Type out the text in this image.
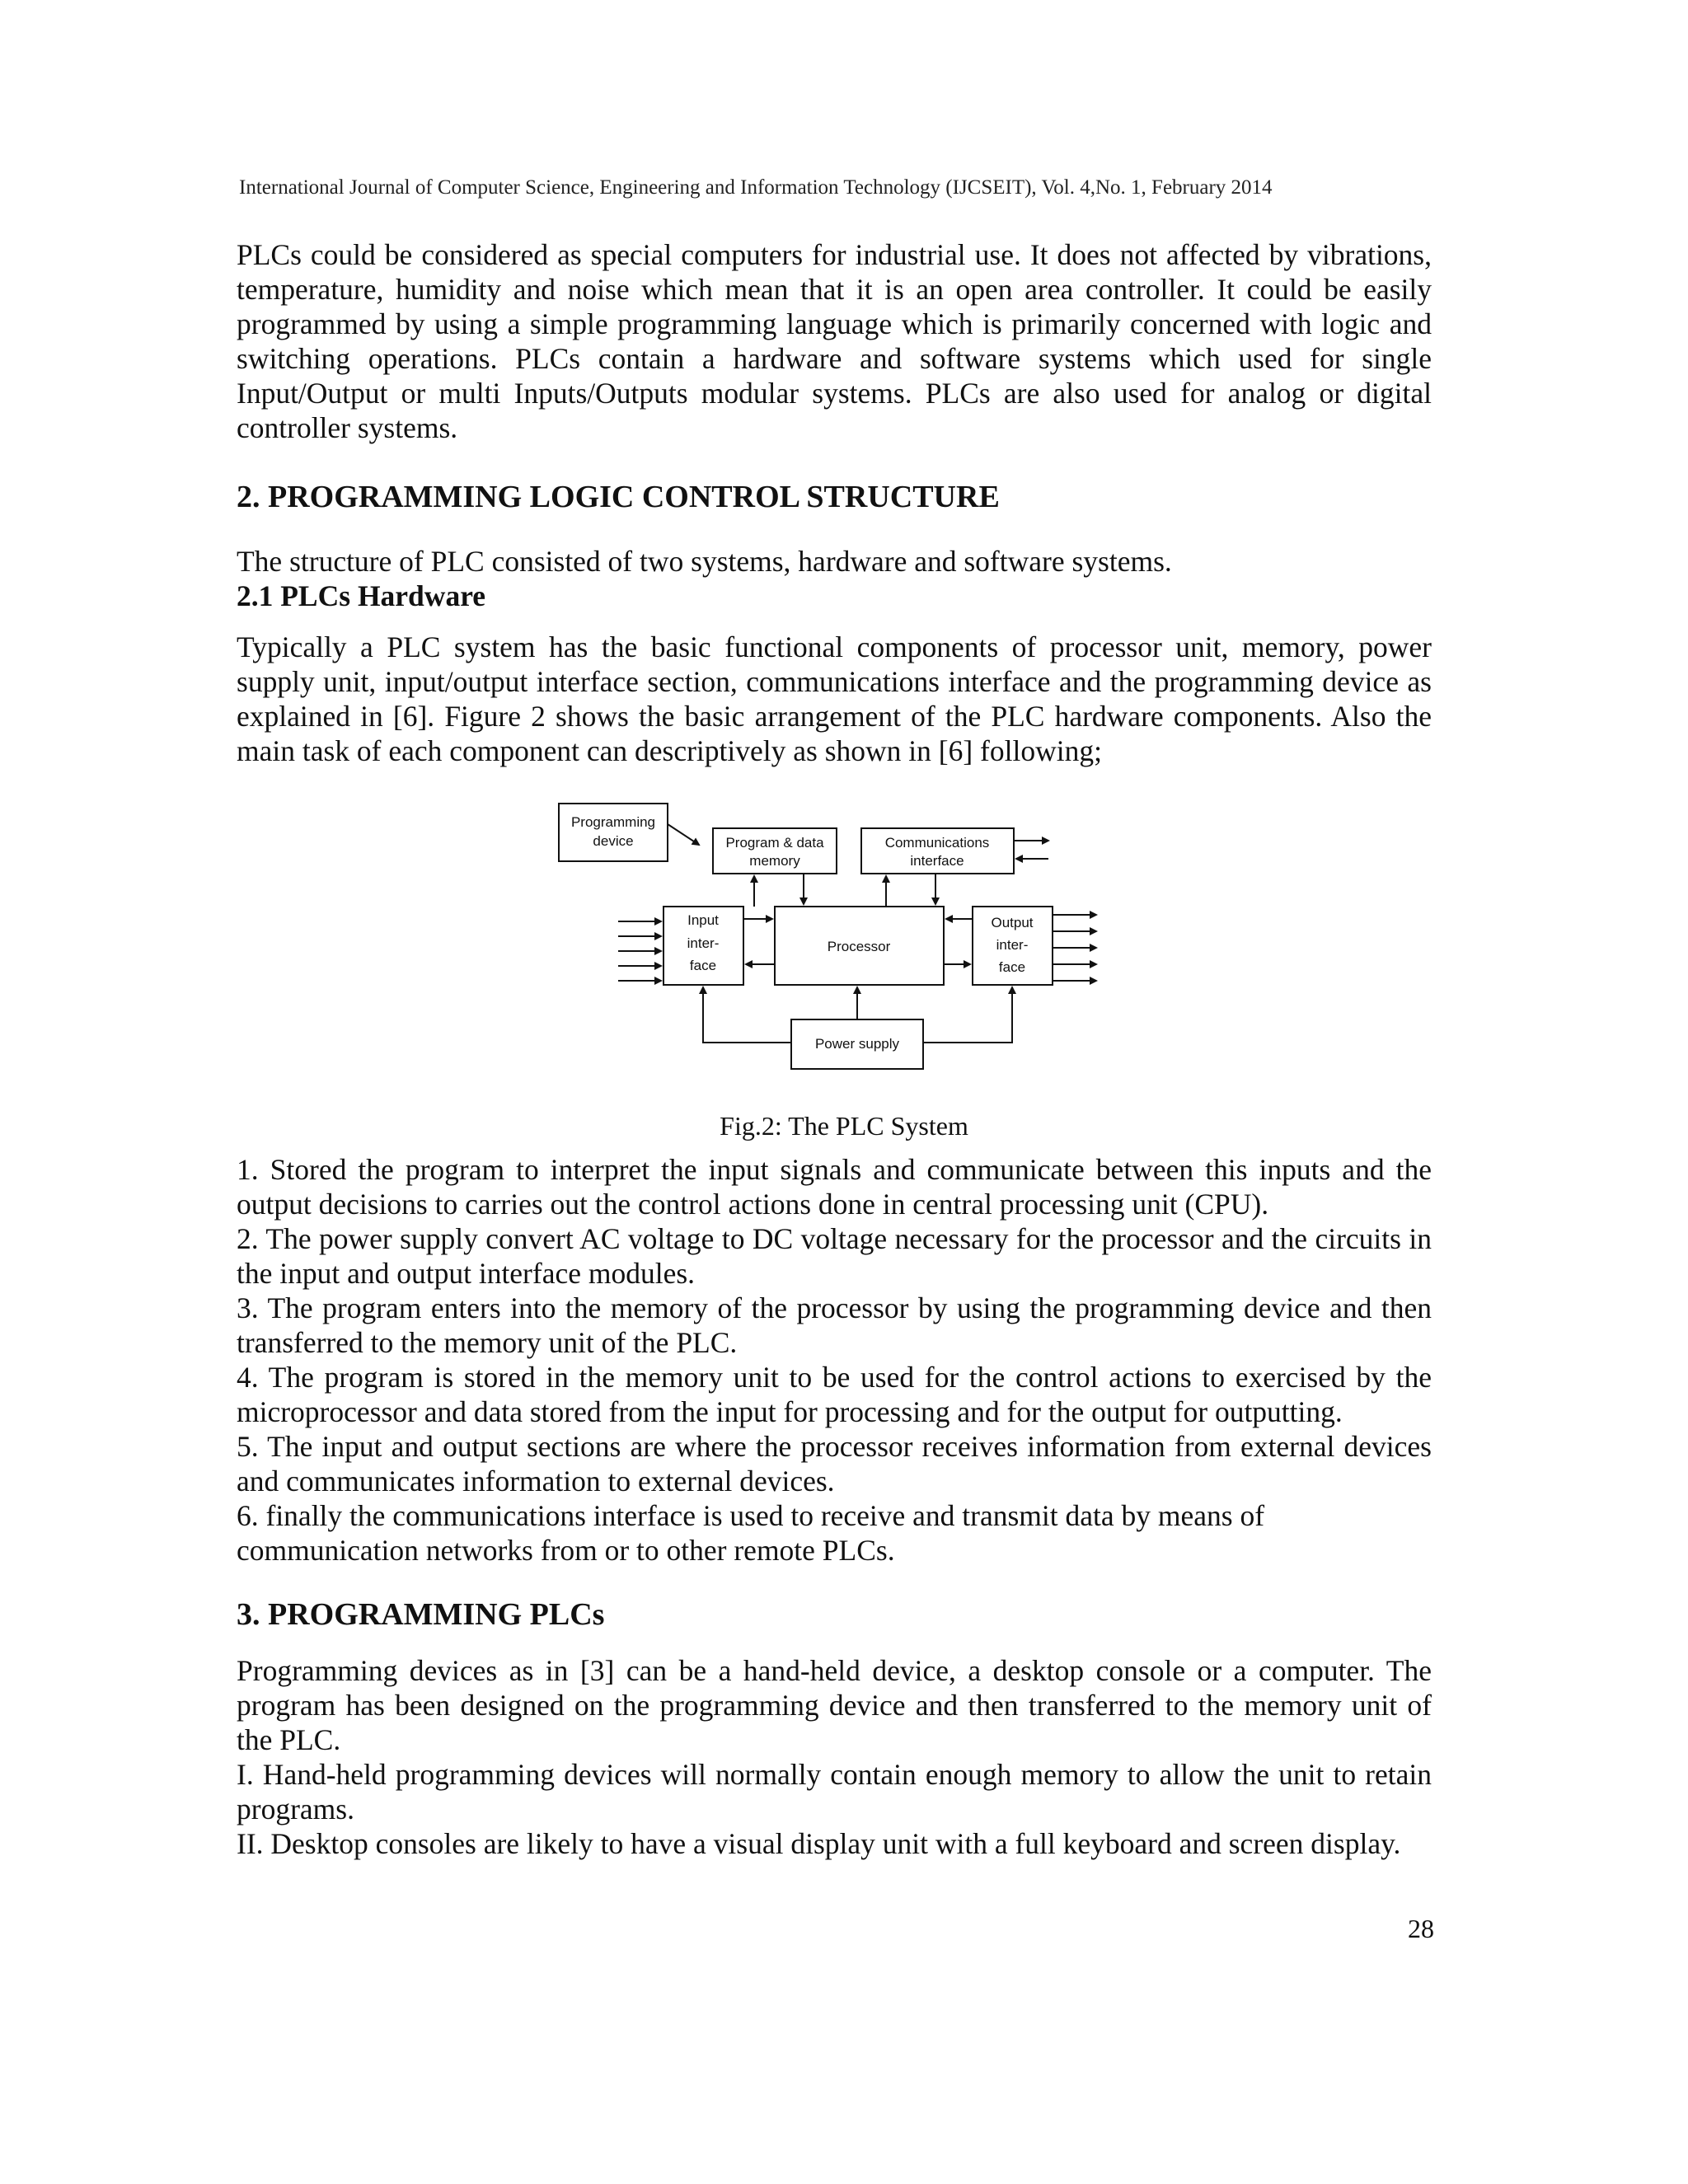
International Journal of Computer Science, Engineering and Information Technology (IJCSEIT), Vol. 4,No. 1, February 2014

PLCs could be considered as special computers for industrial use. It does not affected by vibrations, temperature, humidity and noise which mean that it is an open area controller. It could be easily programmed by using a simple programming language which is primarily concerned with logic and switching operations. PLCs contain a hardware and software systems which used for single Input/Output or multi Inputs/Outputs modular systems. PLCs are also used for analog or digital controller systems.

2. PROGRAMMING LOGIC CONTROL STRUCTURE

The structure of PLC consisted of two systems, hardware and software systems.

2.1 PLCs Hardware

Typically a PLC system has the basic functional components of processor unit, memory, power supply unit, input/output interface section, communications interface and the programming device as explained in [6]. Figure 2 shows the basic arrangement of the PLC hardware components. Also the main task of each component can descriptively as shown in [6] following;

Programming
device	Program & data
memory
Communications
interface
Input
inter-
face
Processor
Output
inter-
face
Power supply
Fig.2: The PLC System

1. Stored the program to interpret the input signals and communicate between this inputs and the output decisions to carries out the control actions done in central processing unit (CPU).

2. The power supply convert AC voltage to DC voltage necessary for the processor and the circuits in the input and output interface modules.

3. The program enters into the memory of the processor by using the programming device and then transferred to the memory unit of the PLC.

4. The program is stored in the memory unit to be used for the control actions to exercised by the microprocessor and data stored from the input for processing and for the output for outputting.

5. The input and output sections are where the processor receives information from external devices and communicates information to external devices.

6. finally the communications interface is used to receive and transmit data by means of communication networks from or to other remote PLCs.

3. PROGRAMMING PLCs

Programming devices as in [3] can be a hand-held device, a desktop console or a computer. The program has been designed on the programming device and then transferred to the memory unit of the PLC.

I. Hand-held programming devices will normally contain enough memory to allow the unit to retain programs.

II. Desktop consoles are likely to have a visual display unit with a full keyboard and screen display.

28
